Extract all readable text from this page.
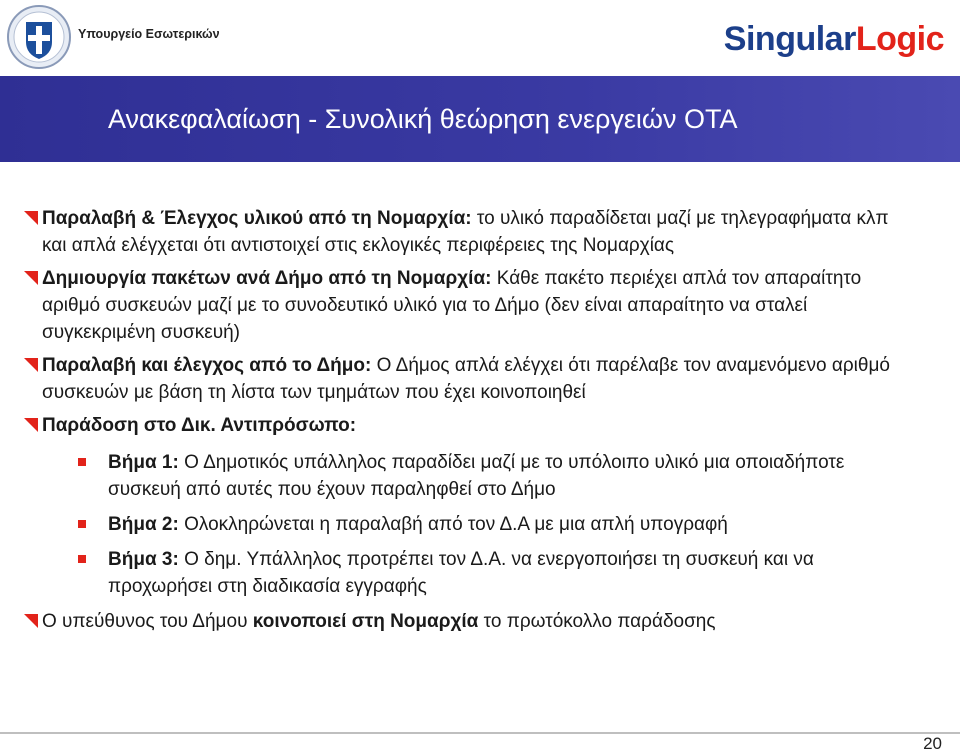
Υπουργείο Εσωτερικών	SingularLogic
Ανακεφαλαίωση - Συνολική θεώρηση ενεργειών ΟΤΑ
Παραλαβή & Έλεγχος υλικού από τη Νομαρχία: το υλικό παραδίδεται μαζί με τηλεγραφήματα κλπ και απλά ελέγχεται ότι αντιστοιχεί στις εκλογικές περιφέρειες της Νομαρχίας
Δημιουργία πακέτων ανά Δήμο από τη Νομαρχία: Κάθε πακέτο περιέχει απλά τον απαραίτητο αριθμό συσκευών μαζί με το συνοδευτικό υλικό για το Δήμο (δεν είναι απαραίτητο να σταλεί συγκεκριμένη συσκευή)
Παραλαβή και έλεγχος από το Δήμο: Ο Δήμος απλά ελέγχει ότι παρέλαβε τον αναμενόμενο αριθμό συσκευών με βάση τη λίστα των τμημάτων που έχει κοινοποιηθεί
Παράδοση στο Δικ. Αντιπρόσωπο:
Βήμα 1: Ο Δημοτικός υπάλληλος παραδίδει μαζί με το υπόλοιπο υλικό μια οποιαδήποτε συσκευή από αυτές που έχουν παραληφθεί στο Δήμο
Βήμα 2: Ολοκληρώνεται η παραλαβή από τον Δ.Α με μια απλή υπογραφή
Βήμα 3: Ο δημ. Υπάλληλος προτρέπει τον Δ.Α. να ενεργοποιήσει τη συσκευή και να προχωρήσει στη διαδικασία εγγραφής
Ο υπεύθυνος του Δήμου κοινοποιεί στη Νομαρχία το πρωτόκολλο παράδοσης
20
